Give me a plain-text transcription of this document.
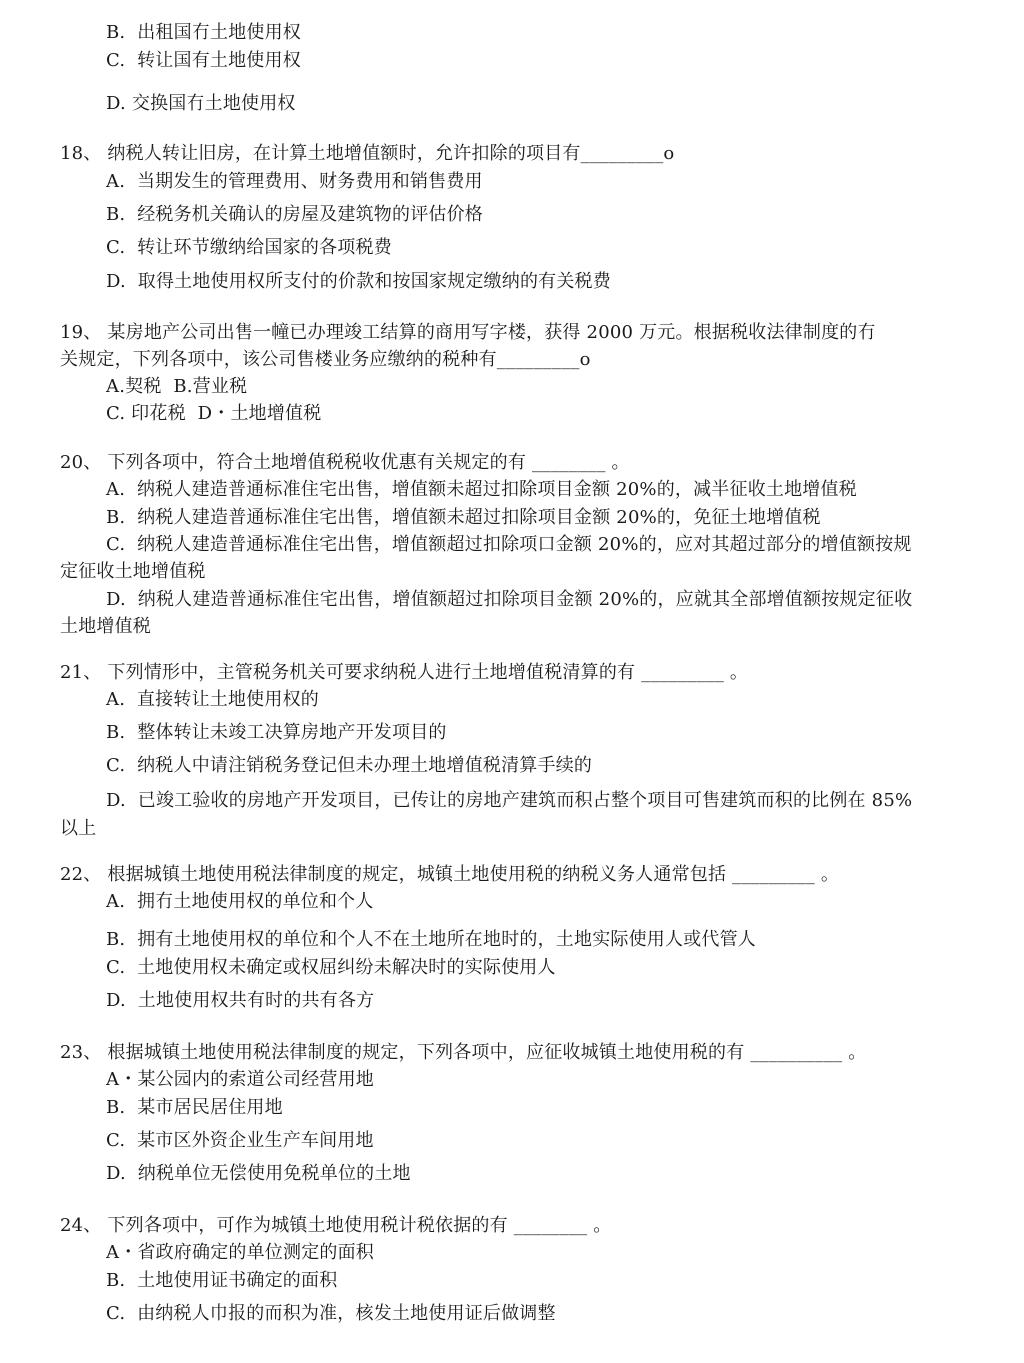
B.  出租国冇土地使用权
C.  转让国有土地使用权
D. 交换国冇土地使用权
18、 纳税人转让旧房，在计算土地增值额时，允许扣除的项目有_________o
A.  当期发生的管理费用、财务费用和销售费用
B.  经税务机关确认的房屋及建筑物的评估价格
C.  转让环节缴纳给国家的各项税费
D.  取得土地使用权所支付的价款和按国家规定缴纳的有关税费
19、 某房地产公司出售一幢已办理竣工结算的商用写字楼，获得 2000 万元。根据税收法律制度的冇
关规定，下列各项中，该公司售楼业务应缴纳的税种有_________o
A.契税  B.营业税
C. 印花税  D・土地增值税
20、 下列各项中，符合土地增值税税收优惠有关规定的有 ________ 。
A.  纳税人建造普通标准住宅出售，增值额未超过扣除项目金额 20%的，减半征收土地增值税
B.  纳税人建造普通标准住宅出售，增值额未超过扣除项目金额 20%的，免征土地增值税
C.  纳税人建造普通标准住宅出售，增值额超过扣除项口金额 20%的，应对其超过部分的增值额按规
定征收土地增值税
D.  纳税人建造普通标准住宅出售，增值额超过扣除项目金额 20%的，应就其全部增值额按规定征收
土地增值税
21、 下列情形中，主管税务机关可要求纳税人进行土地增值税清算的有 _________ 。
A.  直接转让土地使用权的
B.  整体转让未竣工决算房地产开发项目的
C.  纳税人中请注销税务登记但未办理土地增值税清算手续的
D.  已竣工验收的房地产开发项目，已传让的房地产建筑而积占整个项目可售建筑而积的比例在 85%
以上
22、 根据城镇土地使用税法律制度的规定，城镇土地使用税的纳税义务人通常包括 _________ 。
A.  拥冇土地使用权的单位和个人
B.  拥有土地使用权的单位和个人不在土地所在地时的，土地实际使用人或代管人
C.  土地使用权未确定或权屈纠纷未解决时的实际使用人
D.  土地使用权共有时的共有各方
23、 根据城镇土地使用税法律制度的规定，下列各项中，应征收城镇土地使用税的有 __________ 。
A・某公园内的索道公司经营用地
B.  某市居民居住用地
C.  某市区外资企业生产车间用地
D.  纳税单位无偿使用免税单位的土地
24、 下列各项中，可作为城镇土地使用税计税依据的有 ________ 。
A・省政府确定的单位测定的面积
B.  土地使用证书确定的面积
C.  由纳税人巾报的而积为准，核发土地使用证后做调整
